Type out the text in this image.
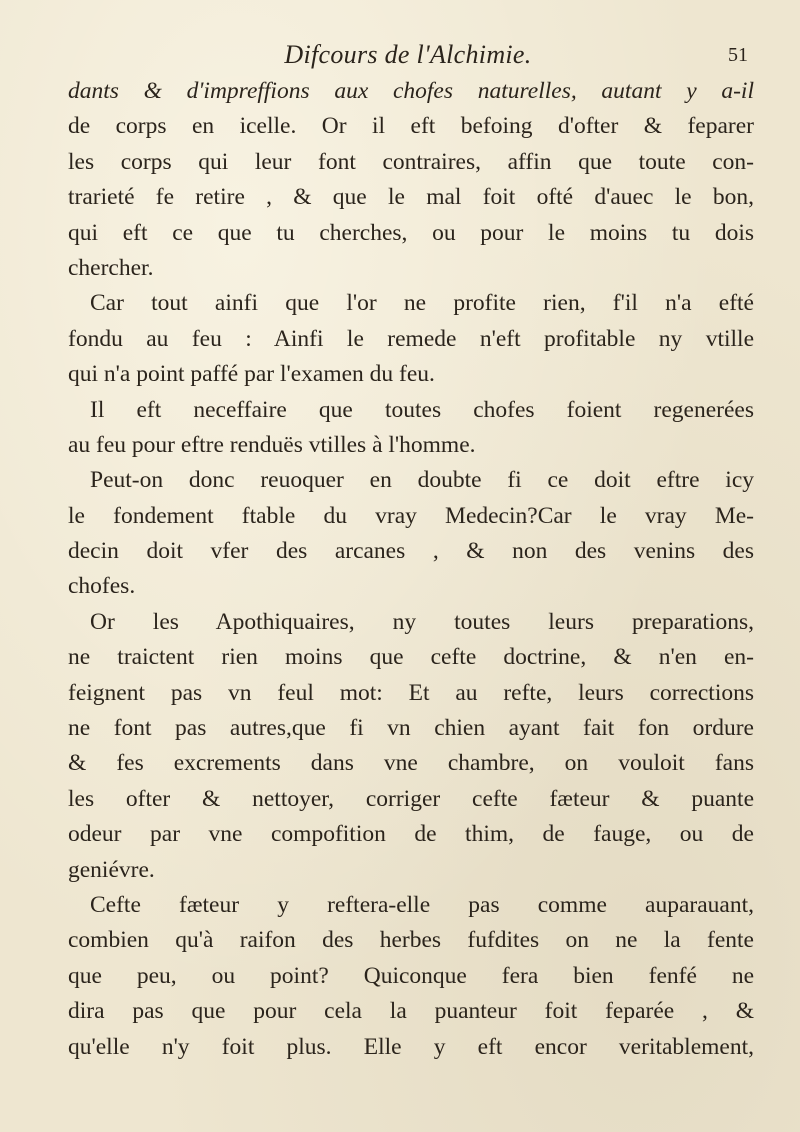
Difcours de l'Alchimie.	51
dants & d'impreffions aux chofes naturelles, autant y a-il
de corps en icelle. Or il eft befoing d'ofter & feparer
les corps qui leur font contraires, affin que toute con-
trarieté fe retire , & que le mal foit ofté d'auec le bon,
qui eft ce que tu cherches, ou pour le moins tu dois
chercher.
Car tout ainfi que l'or ne profite rien, f'il n'a efté
fondu au feu : Ainfi le remede n'eft profitable ny vtille
qui n'a point paffé par l'examen du feu.
Il eft neceffaire que toutes chofes foient regenerées
au feu pour eftre renduës vtilles à l'homme.
Peut-on donc reuoquer en doubte fi ce doit eftre icy
le fondement ftable du vray Medecin?Car le vray Me-
decin doit vfer des arcanes , & non des venins des
chofes.
Or les Apothiquaires, ny toutes leurs preparations,
ne traictent rien moins que cefte doctrine, & n'en en-
feignent pas vn feul mot: Et au refte, leurs corrections
ne font pas autres,que fi vn chien ayant fait fon ordure
& fes excrements dans vne chambre, on vouloit fans
les ofter & nettoyer, corriger cefte fæteur & puante
odeur par vne compofition de thim, de fauge, ou de
geniévre.
Cefte fæteur y reftera-elle pas comme auparauant,
combien qu'à raifon des herbes fufdites on ne la fente
que peu, ou point? Quiconque fera bien fenfé ne
dira pas que pour cela la puanteur foit feparée , &
qu'elle n'y foit plus. Elle y eft encor veritablement,
